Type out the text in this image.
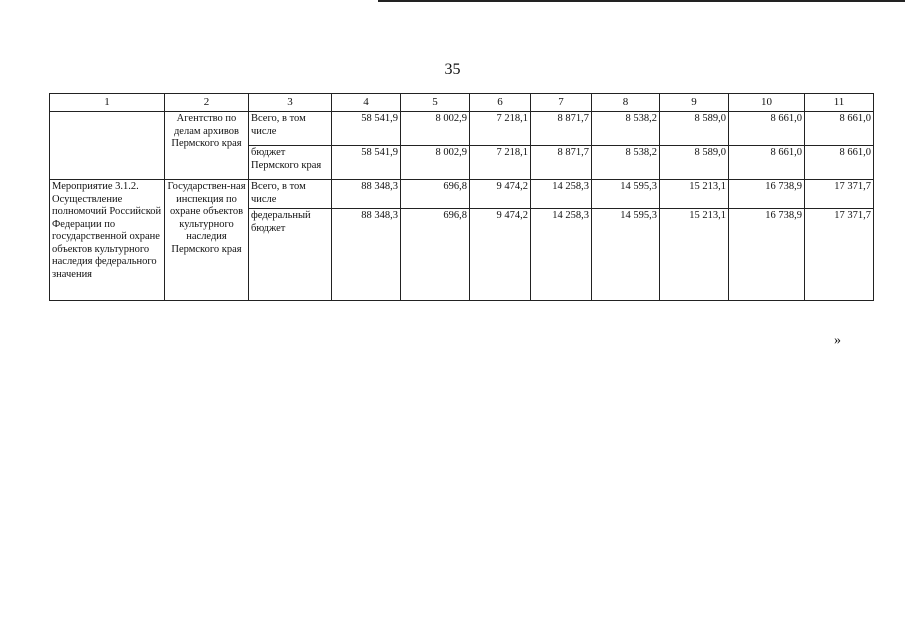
35
1	2	3	4	5	6	7	8	9	10	11
	Агентство по делам архивов Пермского края	Всего, в том числе	58 541,9	8 002,9	7 218,1	8 871,7	8 538,2	8 589,0	8 661,0	8 661,0
		бюджет Пермского края	58 541,9	8 002,9	7 218,1	8 871,7	8 538,2	8 589,0	8 661,0	8 661,0
Мероприятие 3.1.2. Осуществление полномочий Российской Федерации по государственной охране объектов культурного наследия федерального значения	Государствен-ная инспекция по охране объектов культурного наследия Пермского края	Всего, в том числе	88 348,3	696,8	9 474,2	14 258,3	14 595,3	15 213,1	16 738,9	17 371,7
		федеральный бюджет	88 348,3	696,8	9 474,2	14 258,3	14 595,3	15 213,1	16 738,9	17 371,7
»
